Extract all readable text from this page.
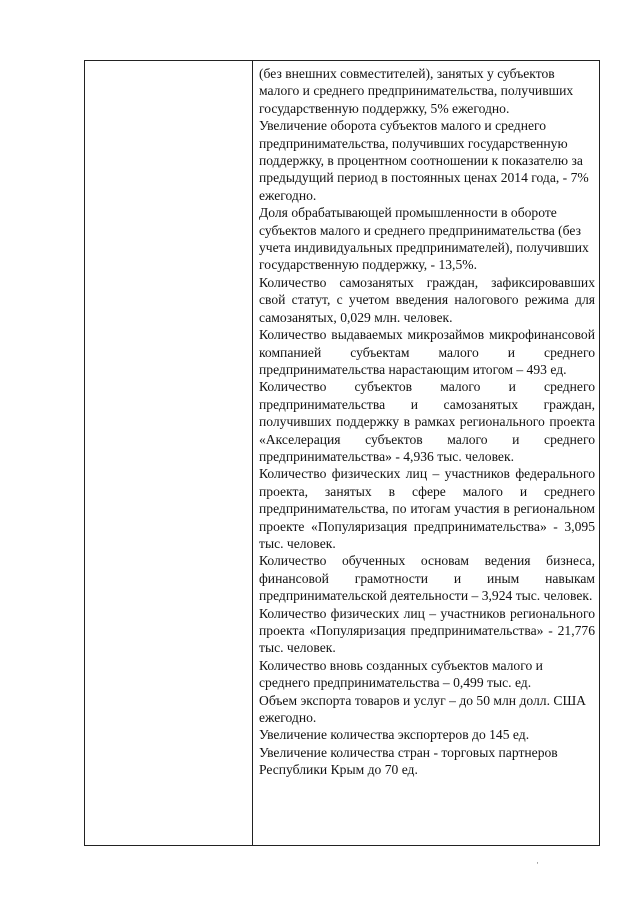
(без внешних совместителей), занятых у субъектов малого и среднего предпринимательства, получивших государственную поддержку, 5% ежегодно.

Увеличение оборота субъектов малого и среднего предпринимательства, получивших государственную поддержку, в процентном соотношении к показателю за предыдущий период в постоянных ценах 2014 года, - 7% ежегодно.

Доля обрабатывающей промышленности в обороте субъектов малого и среднего предпринимательства (без учета индивидуальных предпринимателей), получивших государственную поддержку, - 13,5%.

Количество самозанятых граждан, зафиксировавших свой статут, с учетом введения налогового режима для самозанятых, 0,029 млн. человек.

Количество выдаваемых микрозаймов микрофинансовой компанией субъектам малого и среднего предпринимательства нарастающим итогом – 493 ед.

Количество субъектов малого и среднего предпринимательства и самозанятых граждан, получивших поддержку в рамках регионального проекта «Акселерация субъектов малого и среднего предпринимательства» - 4,936 тыс. человек.

Количество физических лиц – участников федерального проекта, занятых в сфере малого и среднего предпринимательства, по итогам участия в региональном проекте «Популяризация предпринимательства» - 3,095 тыс. человек.

Количество обученных основам ведения бизнеса, финансовой грамотности и иным навыкам предпринимательской деятельности – 3,924 тыс. человек.

Количество физических лиц – участников регионального проекта «Популяризация предпринимательства» - 21,776 тыс. человек.

Количество вновь созданных субъектов малого и среднего предпринимательства – 0,499 тыс. ед.

Объем экспорта товаров и услуг – до 50 млн долл. США ежегодно.

Увеличение количества экспортеров до 145 ед.

Увеличение количества стран - торговых партнеров Республики Крым до 70 ед.

·
